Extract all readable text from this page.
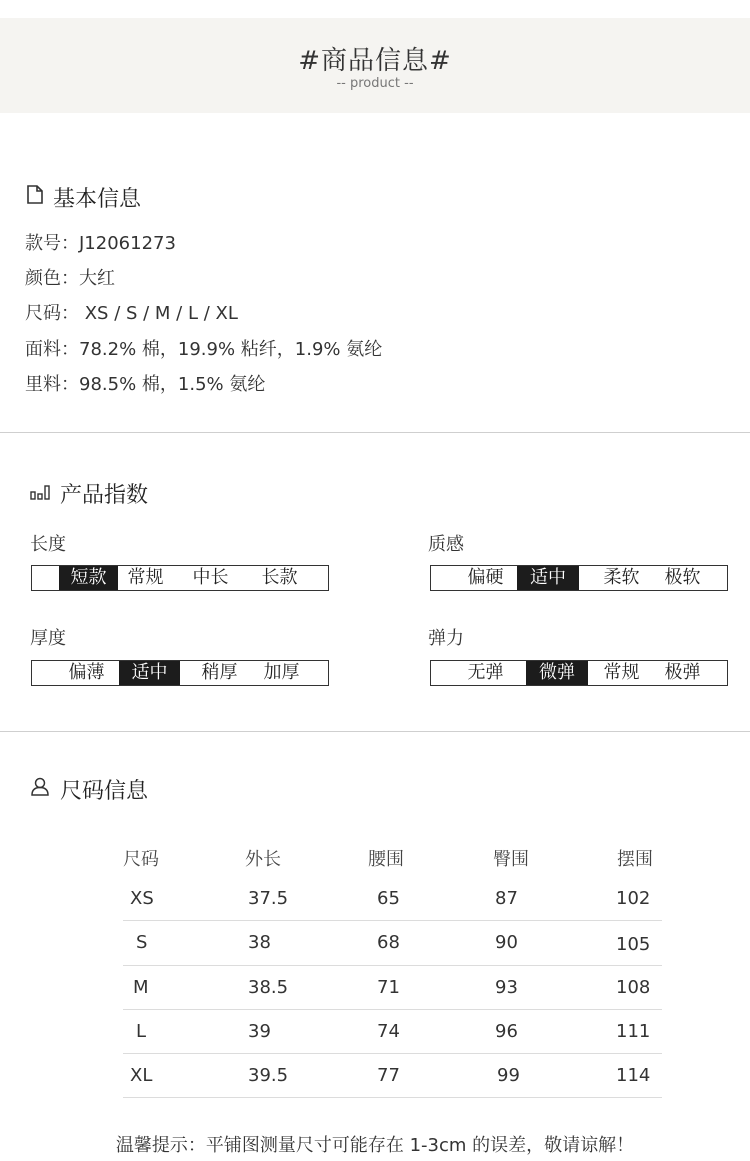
#商品信息#
-- product --
基本信息
款号：J12061273
颜色：大红
尺码： XS / S / M / L / XL
面料：78.2% 棉，19.9% 粘纤，1.9% 氨纶
里料：98.5% 棉，1.5% 氨纶
产品指数
长度
短款	常规	中长	长款
质感
偏硬	适中	柔软	极软
厚度
偏薄	适中	稍厚	加厚
弹力
无弹	微弹	常规	极弹
尺码信息
尺码	外长	腰围	臀围	摆围
XS	37.5	65	87	102
S	38	68	90	105
M	38.5	71	93	108
L	39	74	96	111
XL	39.5	77	99	114
温馨提示：平铺图测量尺寸可能存在 1-3cm 的误差，敬请谅解！
